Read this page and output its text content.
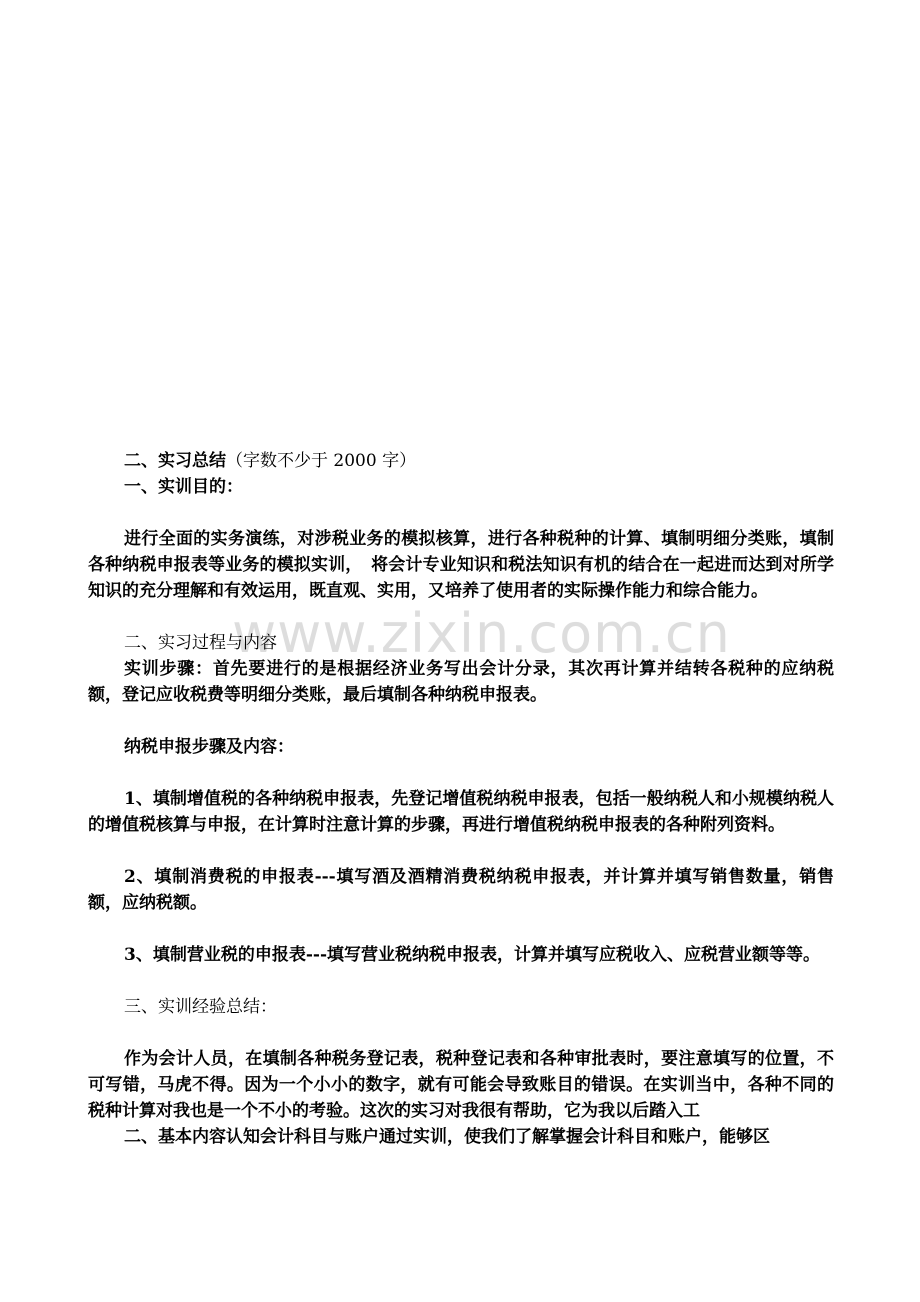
www.zixin.com.cn

二、实习总结（字数不少于 2000 字）

一、实训目的：

进行全面的实务演练，对涉税业务的模拟核算，进行各种税种的计算、填制明细分类账，填制各种纳税申报表等业务的模拟实训，　将会计专业知识和税法知识有机的结合在一起进而达到对所学知识的充分理解和有效运用，既直观、实用，又培养了使用者的实际操作能力和综合能力。

二、实习过程与内容

实训步骤：首先要进行的是根据经济业务写出会计分录，其次再计算并结转各税种的应纳税额，登记应收税费等明细分类账，最后填制各种纳税申报表。

纳税申报步骤及内容：

1、填制增值税的各种纳税申报表，先登记增值税纳税申报表，包括一般纳税人和小规模纳税人的增值税核算与申报，在计算时注意计算的步骤，再进行增值税纳税申报表的各种附列资料。

2、填制消费税的申报表---填写酒及酒精消费税纳税申报表，并计算并填写销售数量，销售额，应纳税额。

3、填制营业税的申报表---填写营业税纳税申报表，计算并填写应税收入、应税营业额等等。

三、实训经验总结：

作为会计人员，在填制各种税务登记表，税种登记表和各种审批表时，要注意填写的位置，不可写错，马虎不得。因为一个小小的数字，就有可能会导致账目的错误。在实训当中，各种不同的税种计算对我也是一个不小的考验。这次的实习对我很有帮助，它为我以后踏入工

二、基本内容认知会计科目与账户通过实训，使我们了解掌握会计科目和账户，能够区
